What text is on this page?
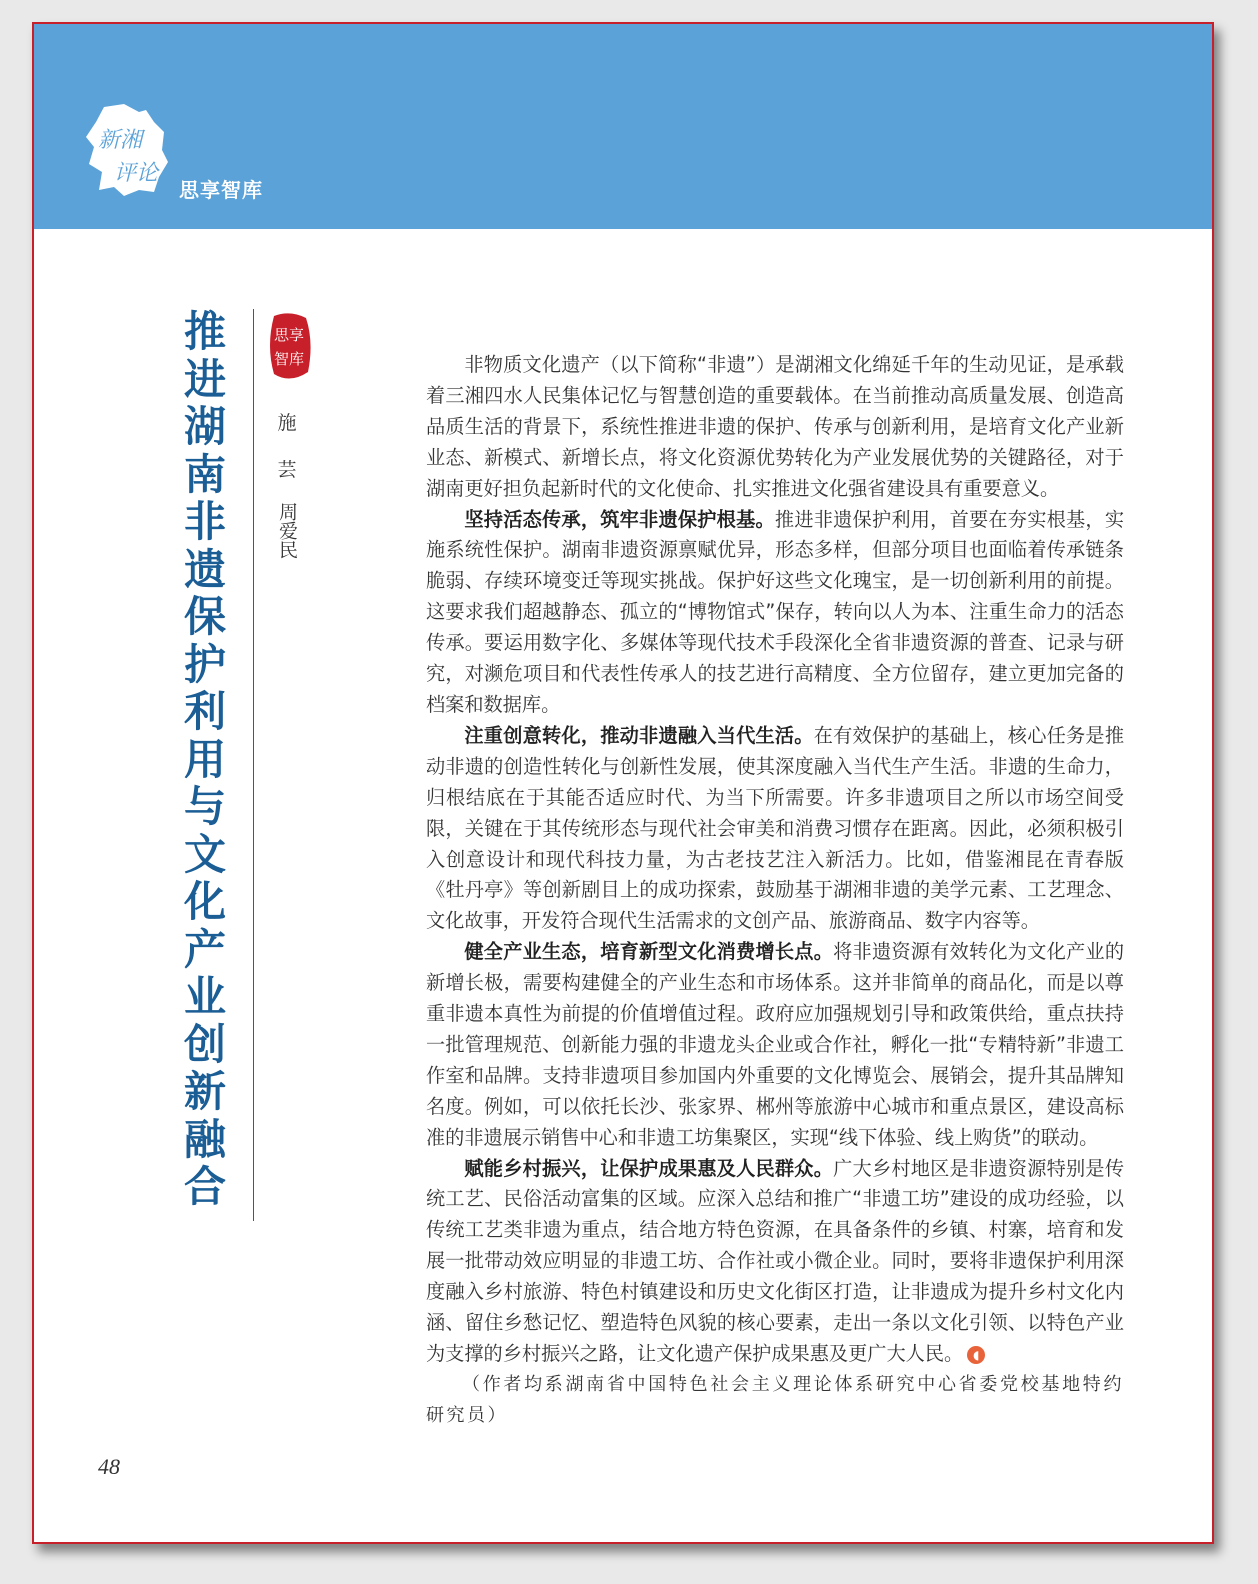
新湘
评论
思享智库
推
进
湖
南
非
遗
保
护
利
用
与
文
化
产
业
创
新
融
合
思享
智库
施
芸
周爱民

非物质文化遗产（以下简称“非遗”）是湖湘文化绵延千年的生动见证，是承载着三湘四水人民集体记忆与智慧创造的重要载体。在当前推动高质量发展、创造高品质生活的背景下，系统性推进非遗的保护、传承与创新利用，是培育文化产业新业态、新模式、新增长点，将文化资源优势转化为产业发展优势的关键路径，对于湖南更好担负起新时代的文化使命、扎实推进文化强省建设具有重要意义。

坚持活态传承，筑牢非遗保护根基。推进非遗保护利用，首要在夯实根基，实施系统性保护。湖南非遗资源禀赋优异，形态多样，但部分项目也面临着传承链条脆弱、存续环境变迁等现实挑战。保护好这些文化瑰宝，是一切创新利用的前提。这要求我们超越静态、孤立的“博物馆式”保存，转向以人为本、注重生命力的活态传承。要运用数字化、多媒体等现代技术手段深化全省非遗资源的普查、记录与研究，对濒危项目和代表性传承人的技艺进行高精度、全方位留存，建立更加完备的档案和数据库。

注重创意转化，推动非遗融入当代生活。在有效保护的基础上，核心任务是推动非遗的创造性转化与创新性发展，使其深度融入当代生产生活。非遗的生命力，归根结底在于其能否适应时代、为当下所需要。许多非遗项目之所以市场空间受限，关键在于其传统形态与现代社会审美和消费习惯存在距离。因此，必须积极引入创意设计和现代科技力量，为古老技艺注入新活力。比如，借鉴湘昆在青春版《牡丹亭》等创新剧目上的成功探索，鼓励基于湖湘非遗的美学元素、工艺理念、文化故事，开发符合现代生活需求的文创产品、旅游商品、数字内容等。

健全产业生态，培育新型文化消费增长点。将非遗资源有效转化为文化产业的新增长极，需要构建健全的产业生态和市场体系。这并非简单的商品化，而是以尊重非遗本真性为前提的价值增值过程。政府应加强规划引导和政策供给，重点扶持一批管理规范、创新能力强的非遗龙头企业或合作社，孵化一批“专精特新”非遗工作室和品牌。支持非遗项目参加国内外重要的文化博览会、展销会，提升其品牌知名度。例如，可以依托长沙、张家界、郴州等旅游中心城市和重点景区，建设高标准的非遗展示销售中心和非遗工坊集聚区，实现“线下体验、线上购货”的联动。

赋能乡村振兴，让保护成果惠及人民群众。广大乡村地区是非遗资源特别是传统工艺、民俗活动富集的区域。应深入总结和推广“非遗工坊”建设的成功经验，以传统工艺类非遗为重点，结合地方特色资源，在具备条件的乡镇、村寨，培育和发展一批带动效应明显的非遗工坊、合作社或小微企业。同时，要将非遗保护利用深度融入乡村旅游、特色村镇建设和历史文化街区打造，让非遗成为提升乡村文化内涵、留住乡愁记忆、塑造特色风貌的核心要素，走出一条以文化引领、以特色产业为支撑的乡村振兴之路，让文化遗产保护成果惠及更广大人民。 ◖

（作者均系湖南省中国特色社会主义理论体系研究中心省委党校基地特约研究员）

48
